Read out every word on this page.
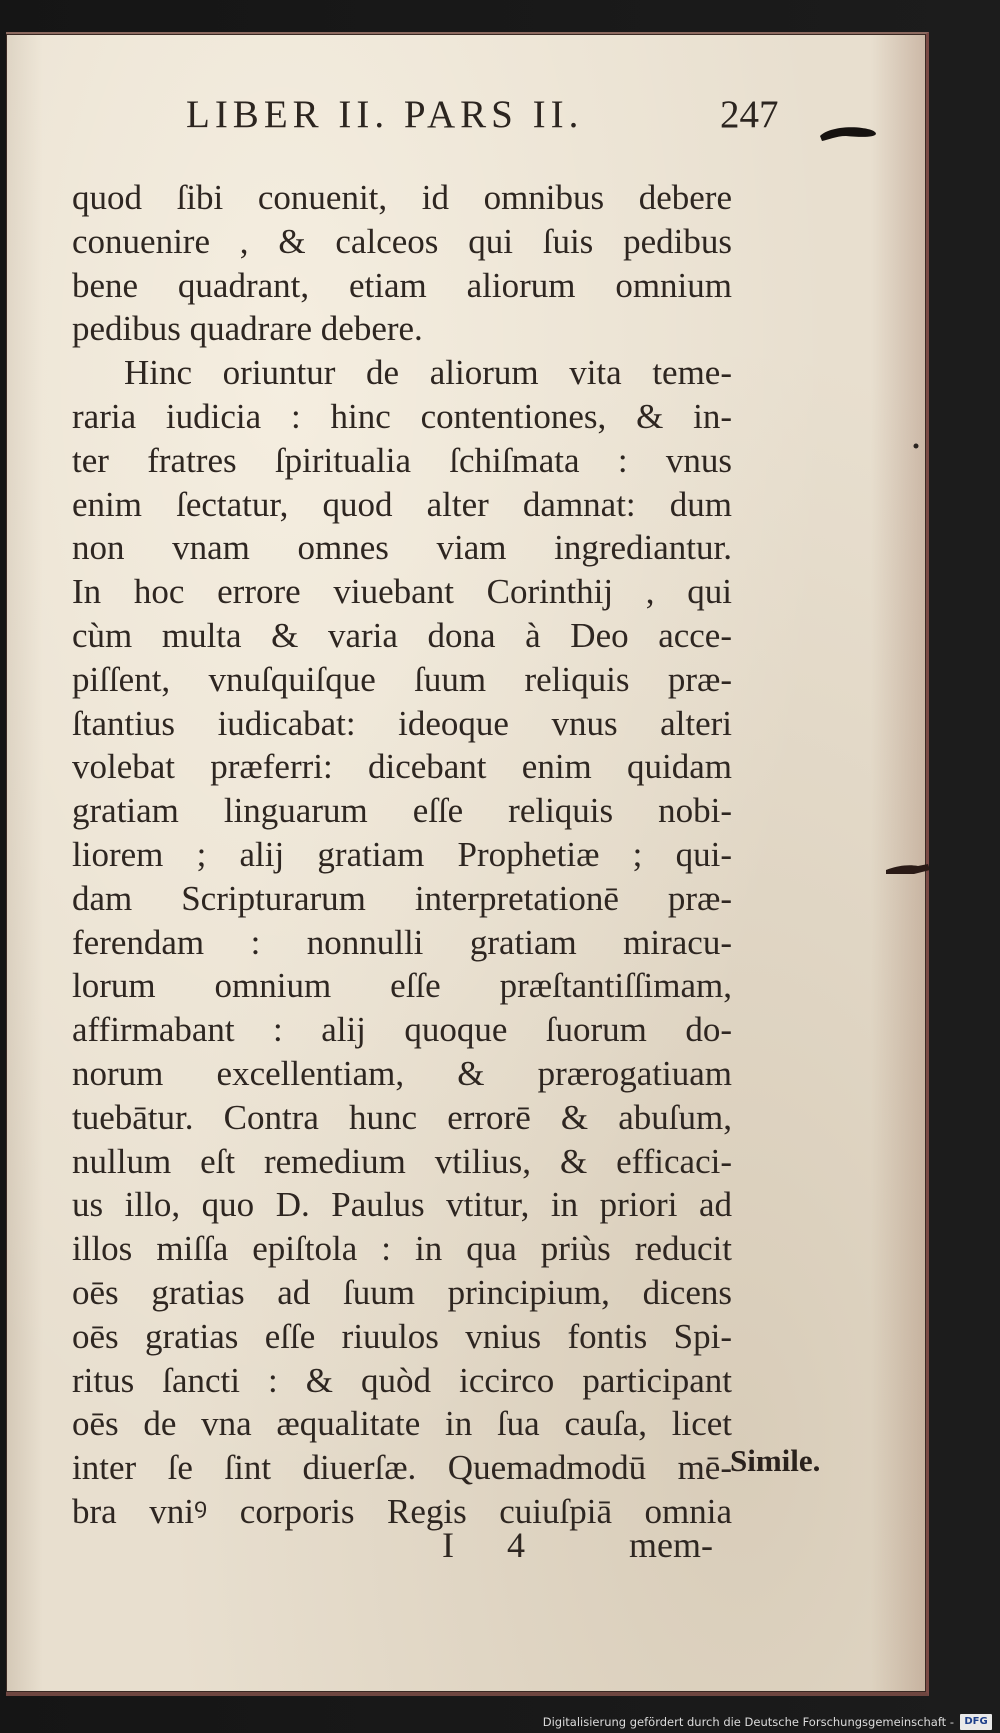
LIBER II. PARS II.	247
quod ſibi conuenit, id omnibus debere
conuenire , & calceos qui ſuis pedibus
bene quadrant, etiam aliorum omnium
pedibus quadrare debere.
Hinc oriuntur de aliorum vita teme-
raria iudicia : hinc contentiones, & in-
ter fratres ſpiritualia ſchiſmata : vnus
enim ſectatur, quod alter damnat: dum
non vnam omnes viam ingrediantur.
In hoc errore viuebant Corinthij , qui
cùm multa & varia dona à Deo acce-
piſſent, vnuſquiſque ſuum reliquis præ-
ſtantius iudicabat: ideoque vnus alteri
volebat præferri: dicebant enim quidam
gratiam linguarum eſſe reliquis nobi-
liorem ; alij gratiam Prophetiæ ; qui-
dam Scripturarum interpretationē præ-
ferendam : nonnulli gratiam miracu-
lorum omnium eſſe præſtantiſſimam,
affirmabant : alij quoque ſuorum do-
norum excellentiam, & prærogatiuam
tuebātur. Contra hunc errorē & abuſum,
nullum eſt remedium vtilius, & efficaci-
us illo, quo D. Paulus vtitur, in priori ad
illos miſſa epiſtola : in qua priùs reducit
oēs gratias ad ſuum principium, dicens
oēs gratias eſſe riuulos vnius fontis Spi-
ritus ſancti : & quòd iccirco participant
oēs de vna æqualitate in ſua cauſa, licet
inter ſe ſint diuerſæ. Quemadmodū mē-
bra vniꝰ corporis Regis cuiuſpiā omnia
Simile.
I 4 mem-
Digitalisierung gefördert durch die Deutsche Forschungsgemeinschaft -	DFG
